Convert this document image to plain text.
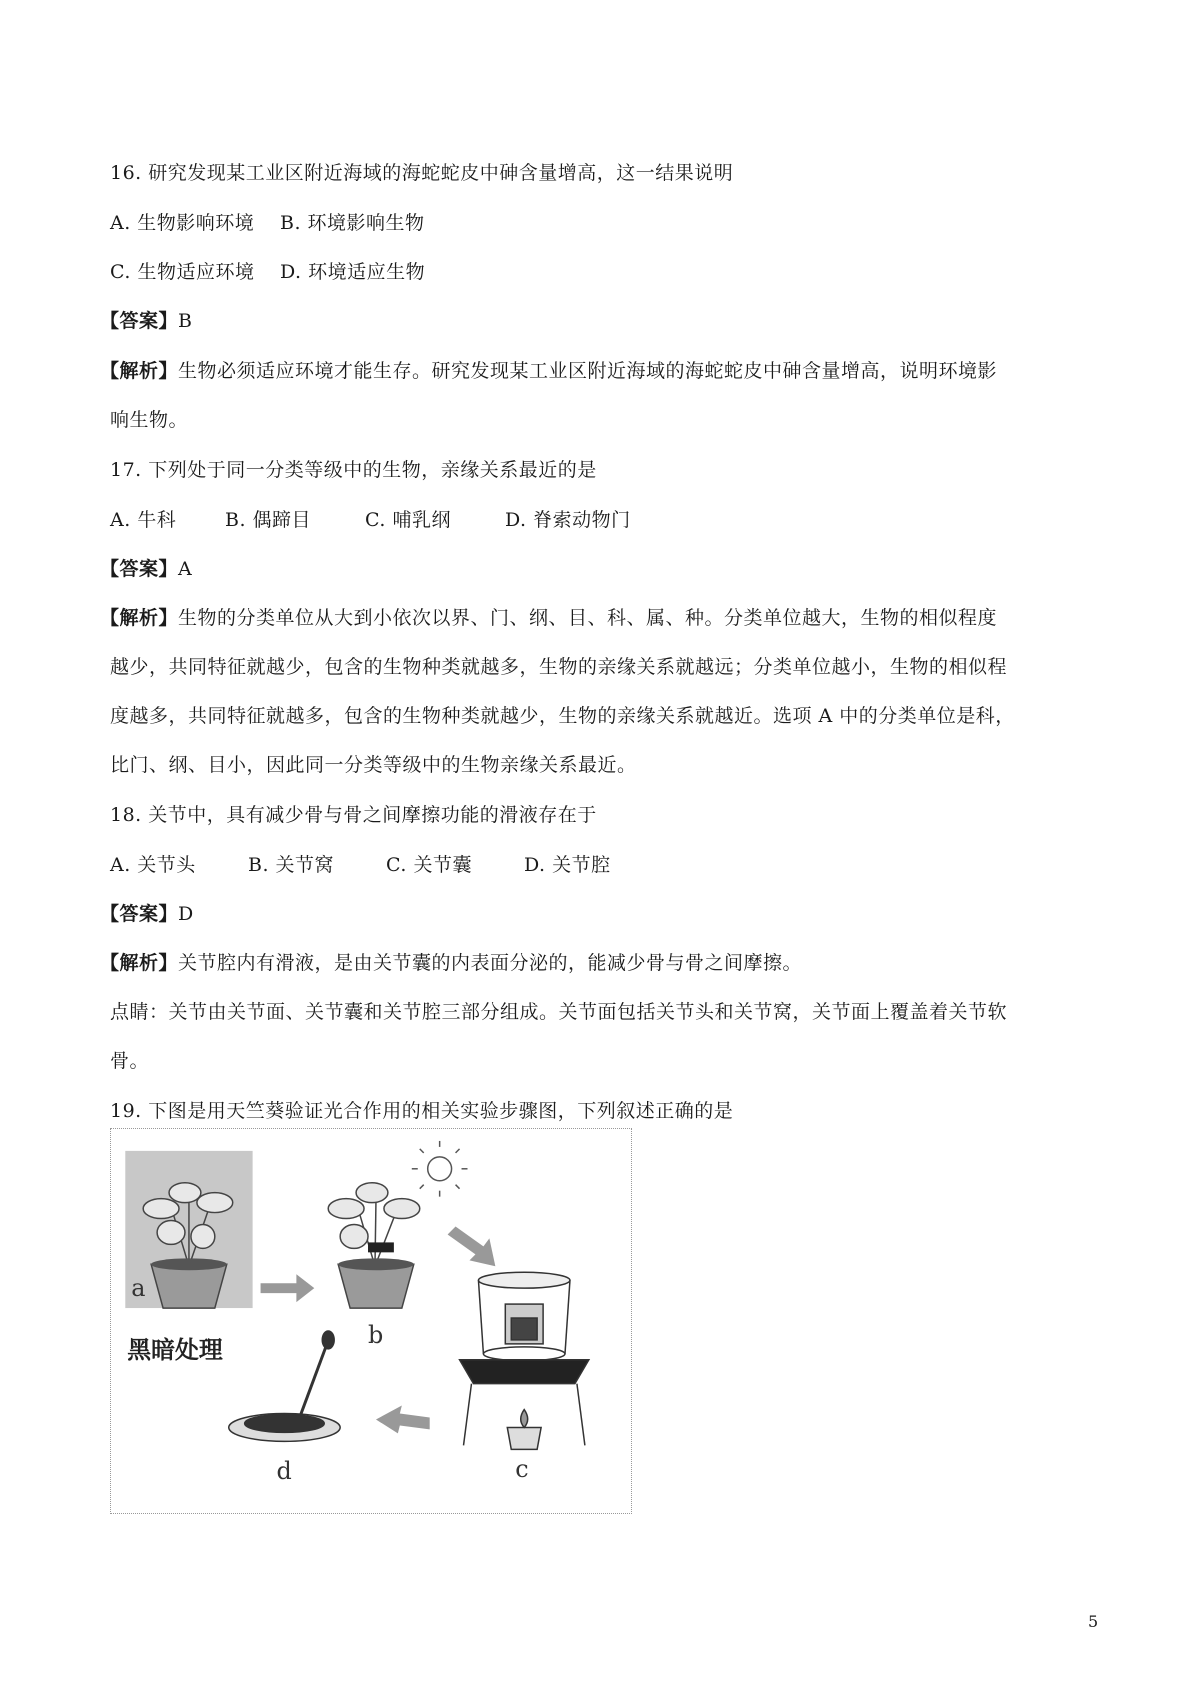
16. 研究发现某工业区附近海域的海蛇蛇皮中砷含量增高，这一结果说明
A. 生物影响环境 B. 环境影响生物
C. 生物适应环境 D. 环境适应生物
【答案】B
【解析】生物必须适应环境才能生存。研究发现某工业区附近海域的海蛇蛇皮中砷含量增高，说明环境影
响生物。
17. 下列处于同一分类等级中的生物，亲缘关系最近的是
A. 牛科	B. 偶蹄目	C. 哺乳纲	D. 脊索动物门
【答案】A
【解析】生物的分类单位从大到小依次以界、门、纲、目、科、属、种。分类单位越大，生物的相似程度
越少，共同特征就越少，包含的生物种类就越多，生物的亲缘关系就越远；分类单位越小，生物的相似程
度越多，共同特征就越多，包含的生物种类就越少，生物的亲缘关系就越近。选项 A 中的分类单位是科，
比门、纲、目小，因此同一分类等级中的生物亲缘关系最近。
18. 关节中，具有减少骨与骨之间摩擦功能的滑液存在于
A. 关节头	B. 关节窝	C. 关节囊	D. 关节腔
【答案】D
【解析】关节腔内有滑液，是由关节囊的内表面分泌的，能减少骨与骨之间摩擦。
点睛：关节由关节面、关节囊和关节腔三部分组成。关节面包括关节头和关节窝，关节面上覆盖着关节软
骨。
19. 下图是用天竺葵验证光合作用的相关实验步骤图，下列叙述正确的是
a
黑暗处理
b
c
d
5
